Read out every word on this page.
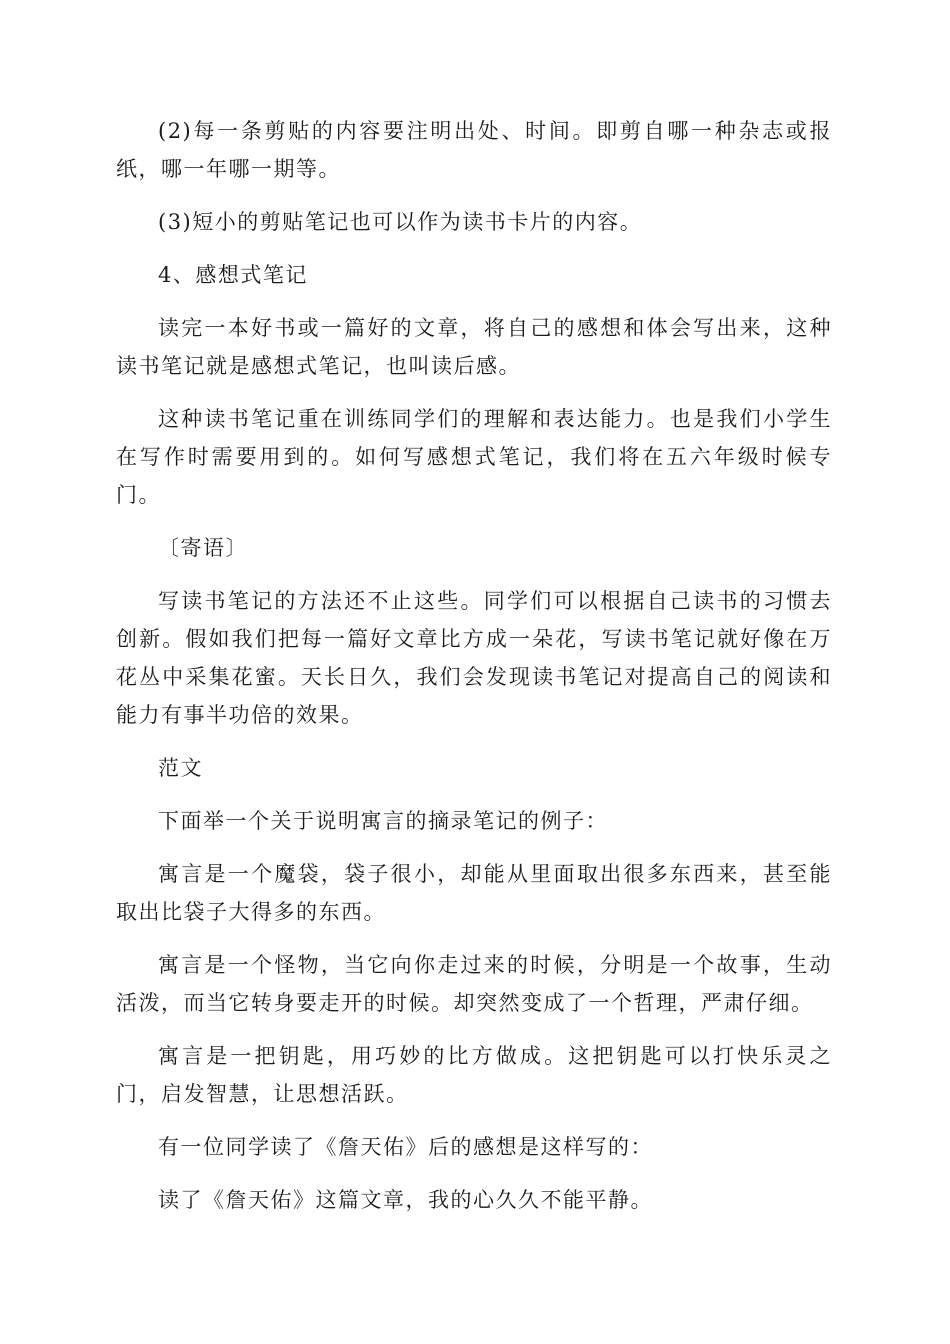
(2)每一条剪贴的内容要注明出处、时间。即剪自哪一种杂志或报纸，哪一年哪一期等。

(3)短小的剪贴笔记也可以作为读书卡片的内容。

4、感想式笔记

读完一本好书或一篇好的文章，将自己的感想和体会写出来，这种读书笔记就是感想式笔记，也叫读后感。

这种读书笔记重在训练同学们的理解和表达能力。也是我们小学生在写作时需要用到的。如何写感想式笔记，我们将在五六年级时候专门。

〔寄语〕

写读书笔记的方法还不止这些。同学们可以根据自己读书的习惯去创新。假如我们把每一篇好文章比方成一朵花，写读书笔记就好像在万花丛中采集花蜜。天长日久，我们会发现读书笔记对提高自己的阅读和能力有事半功倍的效果。

范文

下面举一个关于说明寓言的摘录笔记的例子：

寓言是一个魔袋，袋子很小，却能从里面取出很多东西来，甚至能取出比袋子大得多的东西。

寓言是一个怪物，当它向你走过来的时候，分明是一个故事，生动活泼，而当它转身要走开的时候。却突然变成了一个哲理，严肃仔细。

寓言是一把钥匙，用巧妙的比方做成。这把钥匙可以打快乐灵之门，启发智慧，让思想活跃。

有一位同学读了《詹天佑》后的感想是这样写的：

读了《詹天佑》这篇文章，我的心久久不能平静。
